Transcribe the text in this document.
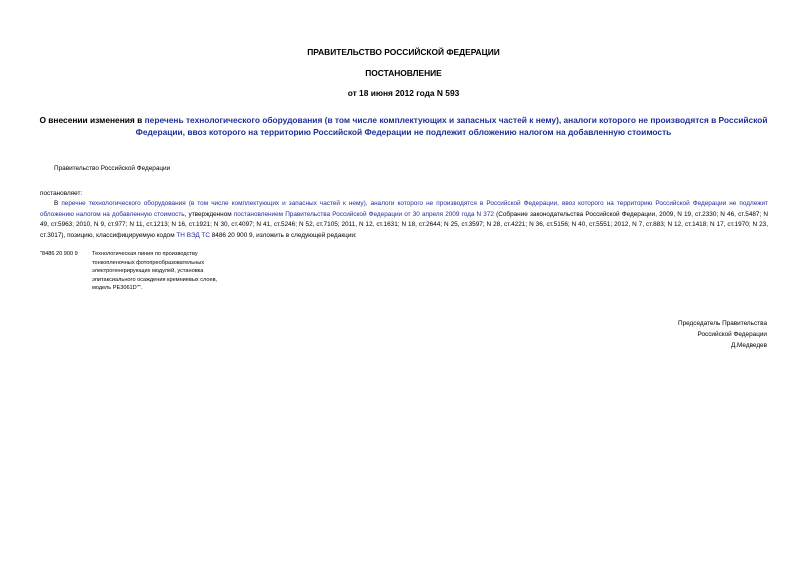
ПРАВИТЕЛЬСТВО РОССИЙСКОЙ ФЕДЕРАЦИИ
ПОСТАНОВЛЕНИЕ
от 18 июня 2012 года N 593
О внесении изменения в перечень технологического оборудования (в том числе комплектующих и запасных частей к нему), аналоги которого не производятся в Российской Федерации, ввоз которого на территорию Российской Федерации не подлежит обложению налогом на добавленную стоимость
Правительство Российской Федерации
постановляет:

В перечне технологического оборудования (в том числе комплектующих и запасных частей к нему), аналоги которого не производятся в Российской Федерации, ввоз которого на территорию Российской Федерации не подлежит обложению налогом на добавленную стоимость, утвержденном постановлением Правительства Российской Федерации от 30 апреля 2009 года N 372 (Собрание законодательства Российской Федерации, 2009, N 19, ст.2330; N 46, ст.5487; N 49, ст.5963; 2010, N 9, ст.977; N 11, ст.1213; N 16, ст.1921; N 30, ст.4097; N 41, ст.5246; N 52, ст.7105; 2011, N 12, ст.1631; N 18, ст.2644; N 25, ст.3597; N 28, ст.4221; N 36, ст.5156; N 40, ст.5551; 2012, N 7, ст.883; N 12, ст.1418; N 17, ст.1970; N 23, ст.3017), позицию, классифицируемую кодом ТН ВЭД ТС 8486 20 900 9, изложить в следующей редакции:

"8486 20 900 9	Технологическая линия по производству
тонкопленочных фотопреобразовательных
электрогенерирующих модулей, установка
эпитаксиального осаждения кремниевых слоев,
модель PE3061D"".
Председатель Правительства
Российской Федерации
Д.Медведев
